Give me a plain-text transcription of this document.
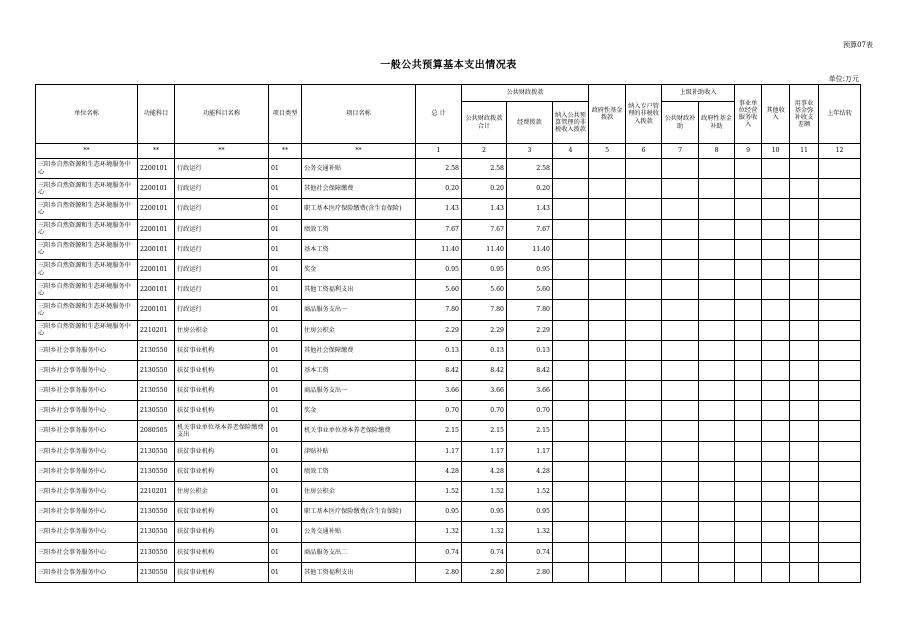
预算07表
一般公共预算基本支出情况表
单位:万元
单位名称	功能科目	功能科目名称	项目类型	项目名称	总 计	公共财政拨款			政府性基金拨款	纳入专户管理的非税收入拨款	上级补助收入		事业单位经营服务收入	其他收入	用事业基金弥补收支差额	上年结转
						公共财政拨款合计	经费拨款	纳入公共预算管理的非税收入拨款			公共财政补助	政府性基金补助				
**	**	**	**	**	1	2	3	4	5	6	7	8	9	10	11	12
三阳乡自然资源和生态环境服务中心	2200101	行政运行	01	公务交通补贴	2.58	2.58	2.58									
三阳乡自然资源和生态环境服务中心	2200101	行政运行	01	其他社会保障缴费	0.20	0.20	0.20									
三阳乡自然资源和生态环境服务中心	2200101	行政运行	01	职工基本医疗保险缴费(含生育保险)	1.43	1.43	1.43									
三阳乡自然资源和生态环境服务中心	2200101	行政运行	01	绩效工资	7.67	7.67	7.67									
三阳乡自然资源和生态环境服务中心	2200101	行政运行	01	基本工资	11.40	11.40	11.40									
三阳乡自然资源和生态环境服务中心	2200101	行政运行	01	奖金	0.95	0.95	0.95									
三阳乡自然资源和生态环境服务中心	2200101	行政运行	01	其他工资福利支出	5.60	5.60	5.60									
三阳乡自然资源和生态环境服务中心	2200101	行政运行	01	商品服务支出一	7.80	7.80	7.80									
三阳乡自然资源和生态环境服务中心	2210201	住房公积金	01	住房公积金	2.29	2.29	2.29									
三阳乡社会事务服务中心	2130550	扶贫事业机构	01	其他社会保障缴费	0.13	0.13	0.13									
三阳乡社会事务服务中心	2130550	扶贫事业机构	01	基本工资	8.42	8.42	8.42									
三阳乡社会事务服务中心	2130550	扶贫事业机构	01	商品服务支出一	3.66	3.66	3.66									
三阳乡社会事务服务中心	2130550	扶贫事业机构	01	奖金	0.70	0.70	0.70									
三阳乡社会事务服务中心	2080505	机关事业单位基本养老保险缴费支出	01	机关事业单位基本养老保险缴费	2.15	2.15	2.15									
三阳乡社会事务服务中心	2130550	扶贫事业机构	01	津贴补贴	1.17	1.17	1.17									
三阳乡社会事务服务中心	2130550	扶贫事业机构	01	绩效工资	4.28	4.28	4.28									
三阳乡社会事务服务中心	2210201	住房公积金	01	住房公积金	1.52	1.52	1.52									
三阳乡社会事务服务中心	2130550	扶贫事业机构	01	职工基本医疗保险缴费(含生育保险)	0.95	0.95	0.95									
三阳乡社会事务服务中心	2130550	扶贫事业机构	01	公务交通补贴	1.32	1.32	1.32									
三阳乡社会事务服务中心	2130550	扶贫事业机构	01	商品服务支出二	0.74	0.74	0.74									
三阳乡社会事务服务中心	2130550	扶贫事业机构	01	其他工资福利支出	2.80	2.80	2.80									
